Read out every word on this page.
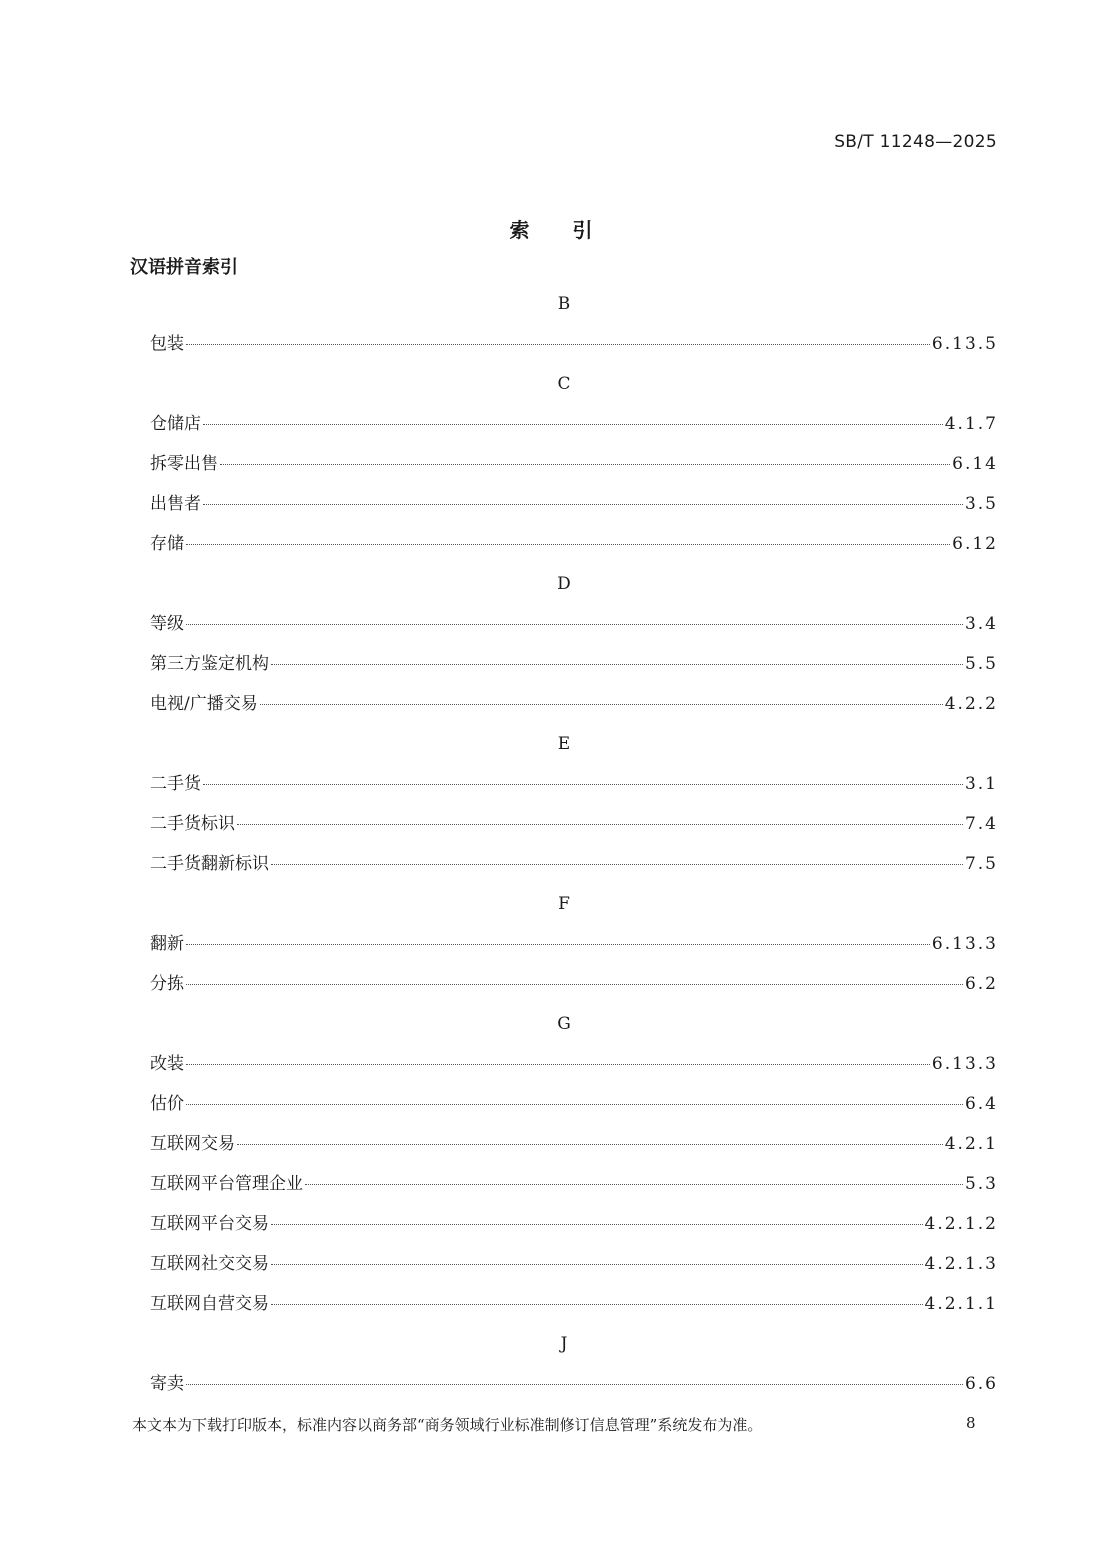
SB/T 11248—2025
索 引
汉语拼音索引
B
包装	6.13.5
C
仓储店	4.1.7
拆零出售	6.14
出售者	3.5
存储	6.12
D
等级	3.4
第三方鉴定机构	5.5
电视/广播交易	4.2.2
E
二手货	3.1
二手货标识	7.4
二手货翻新标识	7.5
F
翻新	6.13.3
分拣	6.2
G
改装	6.13.3
估价	6.4
互联网交易	4.2.1
互联网平台管理企业	5.3
互联网平台交易	4.2.1.2
互联网社交交易	4.2.1.3
互联网自营交易	4.2.1.1
J
寄卖	6.6
本文本为下载打印版本，标准内容以商务部“商务领域行业标准制修订信息管理”系统发布为准。	8
